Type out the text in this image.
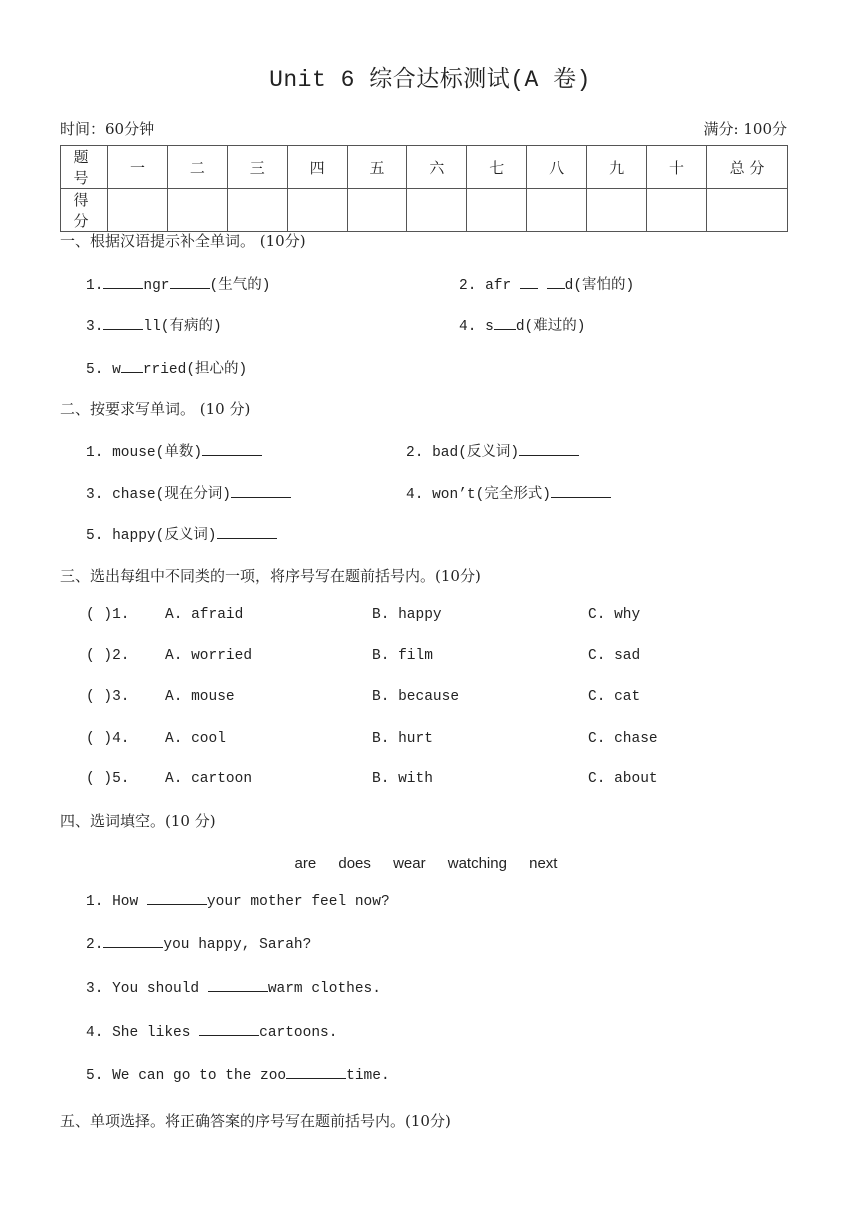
Unit 6 综合达标测试(A 卷)
时间：60分钟	满分: 100分
题 号	一	二	三	四	五	六	七	八	九	十	总 分
得 分											
一、根据汉语提示补全单词。 (10分)
1.	ngr	(生气的)	2. afr	d(害怕的)
3.	ll(有病的)	4. s d(难过的)
5. w rried(担心的)
二、按要求写单词。 (10 分)
1. mouse(单数)	2. bad(反义词)
3. chase(现在分词)	4. won’t(完全形式)
5. happy(反义词)
三、选出每组中不同类的一项，将序号写在题前括号内。(10分)
( )1. A. afraid	B. happy	C. why
( )2. A. worried	B. film	C. sad
( )3. A. mouse	B. because	C. cat
( )4. A. cool	B. hurt	C. chase
( )5. A. cartoon	B. with	C. about
四、选词填空。(10 分)
are does wear watching next
1. How	your mother feel now?
2.	you happy, Sarah?
3. You should	warm clothes.
4. She likes	cartoons.
5. We can go to the zoo	time.
五、单项选择。将正确答案的序号写在题前括号内。(10分)
